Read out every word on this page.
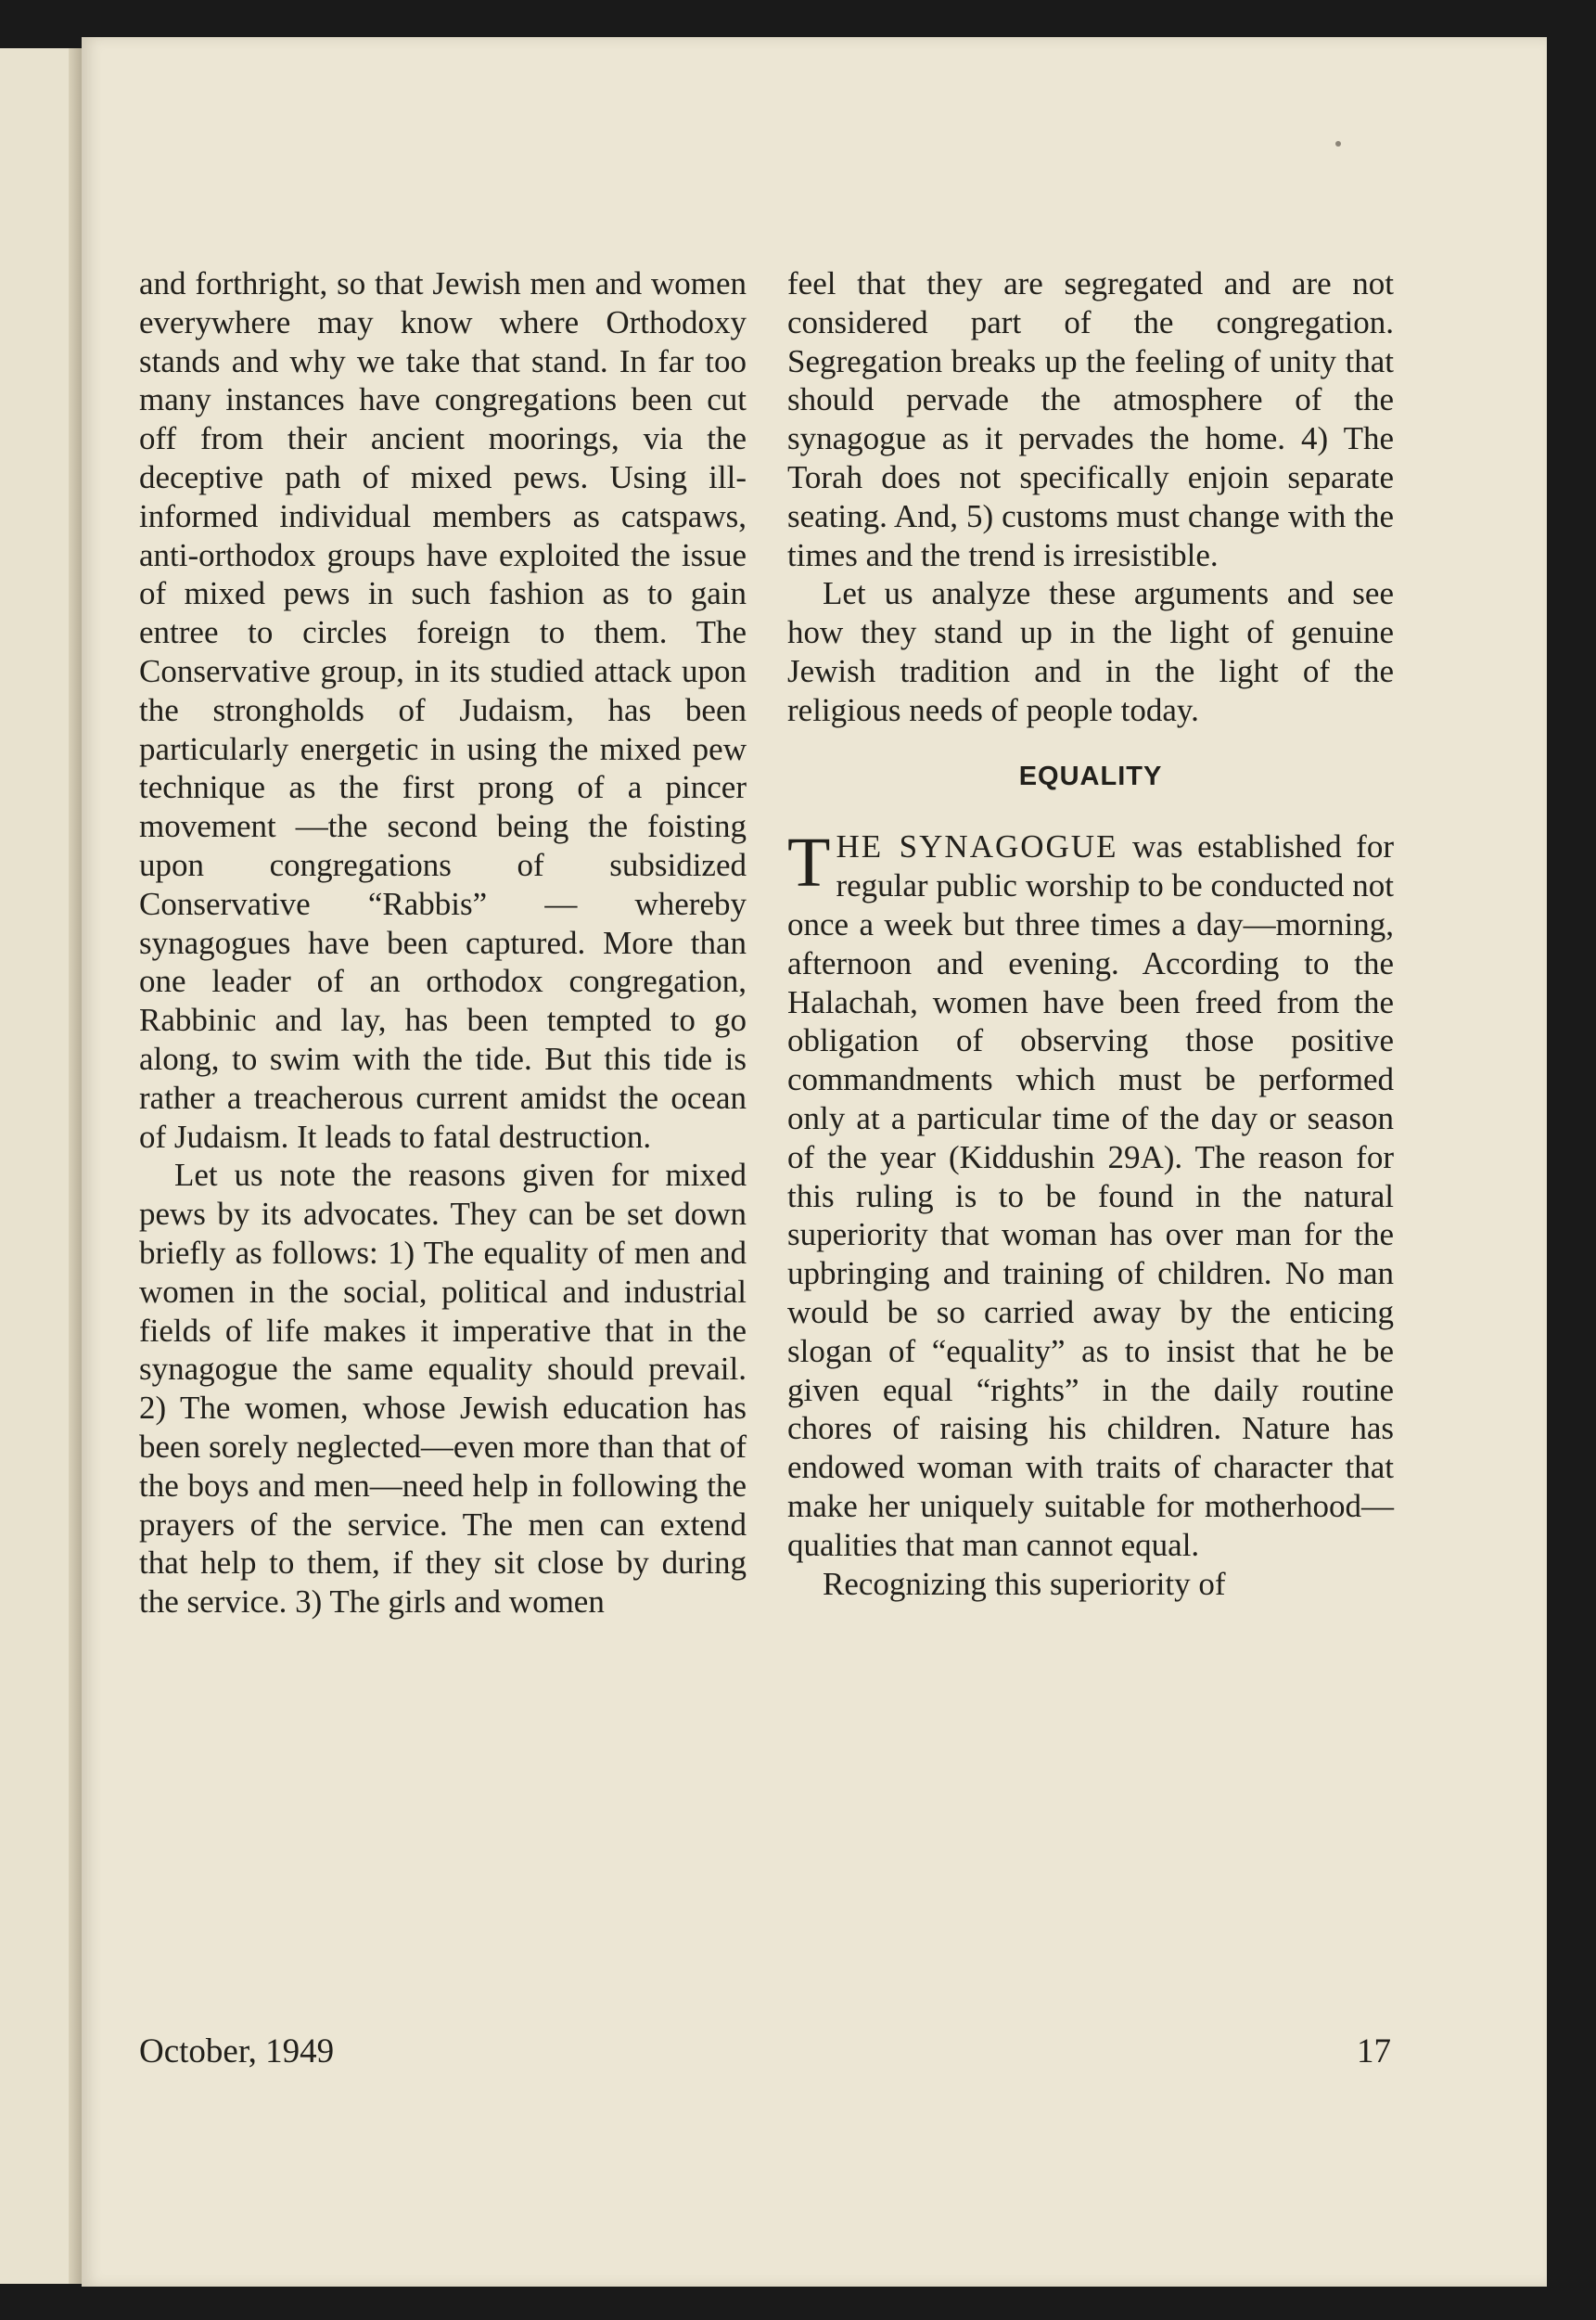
and forthright, so that Jewish men and women everywhere may know where Orthodoxy stands and why we take that stand. In far too many instances have congregations been cut off from their ancient moorings, via the deceptive path of mixed pews. Using ill-informed individual members as catspaws, anti-orthodox groups have exploited the issue of mixed pews in such fashion as to gain entree to circles foreign to them. The Conservative group, in its studied attack upon the strongholds of Judaism, has been particularly energetic in using the mixed pew technique as the first prong of a pincer movement —the second being the foisting upon congregations of subsidized Conservative “Rabbis” — whereby synagogues have been captured. More than one leader of an orthodox congregation, Rabbinic and lay, has been tempted to go along, to swim with the tide. But this tide is rather a treacherous current amidst the ocean of Judaism. It leads to fatal destruction.

Let us note the reasons given for mixed pews by its advocates. They can be set down briefly as follows: 1) The equality of men and women in the social, political and industrial fields of life makes it imperative that in the synagogue the same equality should prevail. 2) The women, whose Jewish education has been sorely neglected—even more than that of the boys and men—need help in following the prayers of the service. The men can extend that help to them, if they sit close by during the service. 3) The girls and women

feel that they are segregated and are not considered part of the congregation. Segregation breaks up the feeling of unity that should pervade the atmosphere of the synagogue as it pervades the home. 4) The Torah does not specifically enjoin separate seating. And, 5) customs must change with the times and the trend is irresistible.

Let us analyze these arguments and see how they stand up in the light of genuine Jewish tradition and in the light of the religious needs of people today.

EQUALITY

THE SYNAGOGUE was established for regular public worship to be conducted not once a week but three times a day—morning, afternoon and evening. According to the Halachah, women have been freed from the obligation of observing those positive commandments which must be performed only at a particular time of the day or season of the year (Kiddushin 29A). The reason for this ruling is to be found in the natural superiority that woman has over man for the upbringing and training of children. No man would be so carried away by the enticing slogan of “equality” as to insist that he be given equal “rights” in the daily routine chores of raising his children. Nature has endowed woman with traits of character that make her uniquely suitable for motherhood—qualities that man cannot equal.

Recognizing this superiority of

October, 1949	17
